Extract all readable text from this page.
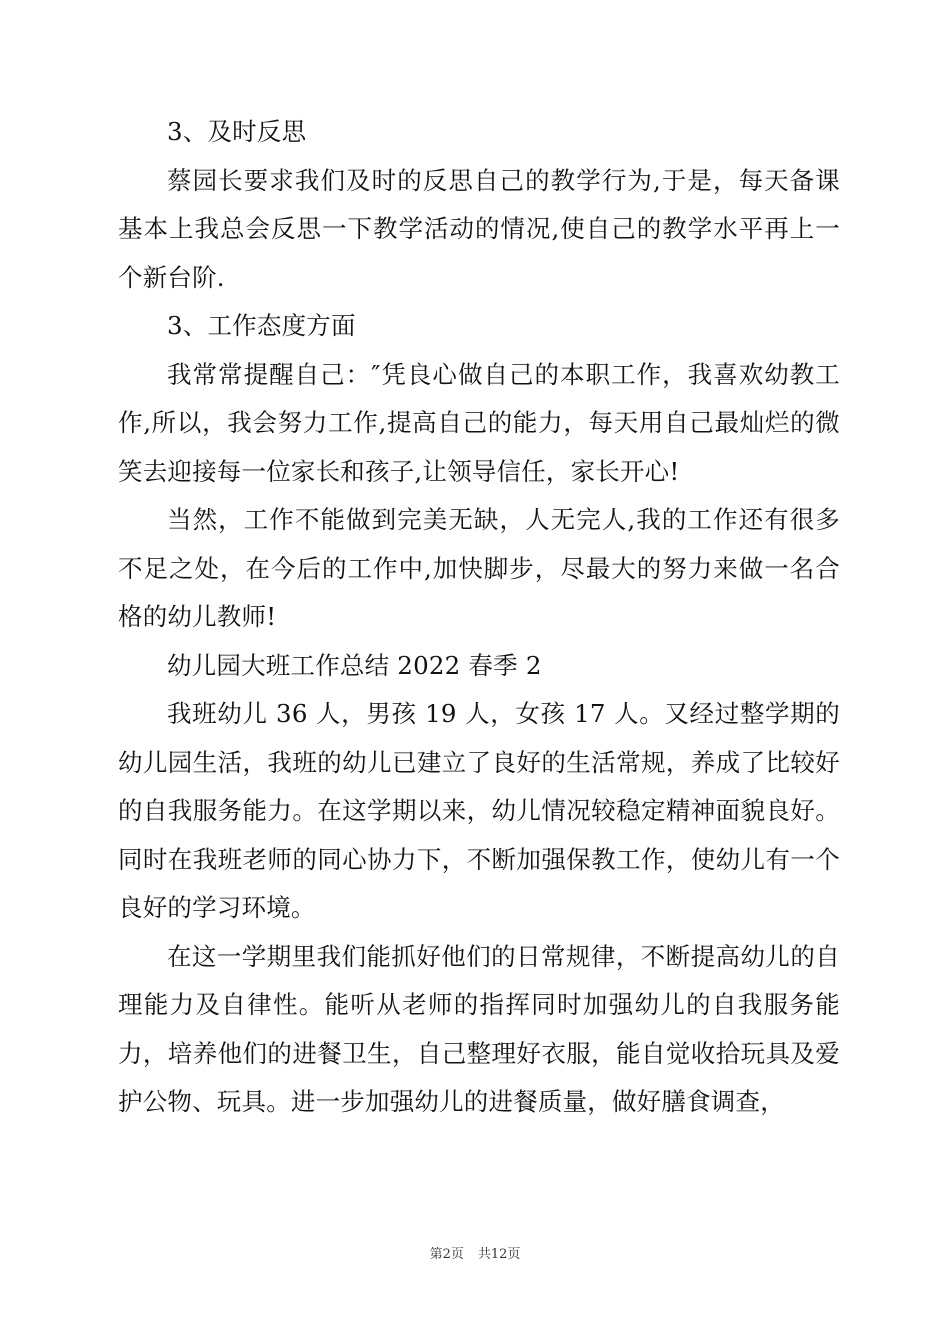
3、及时反思

蔡园长要求我们及时的反思自己的教学行为,于是，每天备课基本上我总会反思一下教学活动的情况,使自己的教学水平再上一个新台阶.

3、工作态度方面

我常常提醒自己：″凭良心做自己的本职工作，我喜欢幼教工作,所以，我会努力工作,提高自己的能力，每天用自己最灿烂的微笑去迎接每一位家长和孩子,让领导信任，家长开心!

当然，工作不能做到完美无缺，人无完人,我的工作还有很多不足之处，在今后的工作中,加快脚步，尽最大的努力来做一名合格的幼儿教师!

幼儿园大班工作总结 2022 春季 2

我班幼儿 36 人，男孩 19 人，女孩 17 人。又经过整学期的幼儿园生活，我班的幼儿已建立了良好的生活常规，养成了比较好的自我服务能力。在这学期以来，幼儿情况较稳定精神面貌良好。同时在我班老师的同心协力下，不断加强保教工作，使幼儿有一个良好的学习环境。

在这一学期里我们能抓好他们的日常规律，不断提高幼儿的自理能力及自律性。能听从老师的指挥同时加强幼儿的自我服务能力，培养他们的进餐卫生，自己整理好衣服，能自觉收拾玩具及爱护公物、玩具。进一步加强幼儿的进餐质量，做好膳食调查，

第2页 共12页
